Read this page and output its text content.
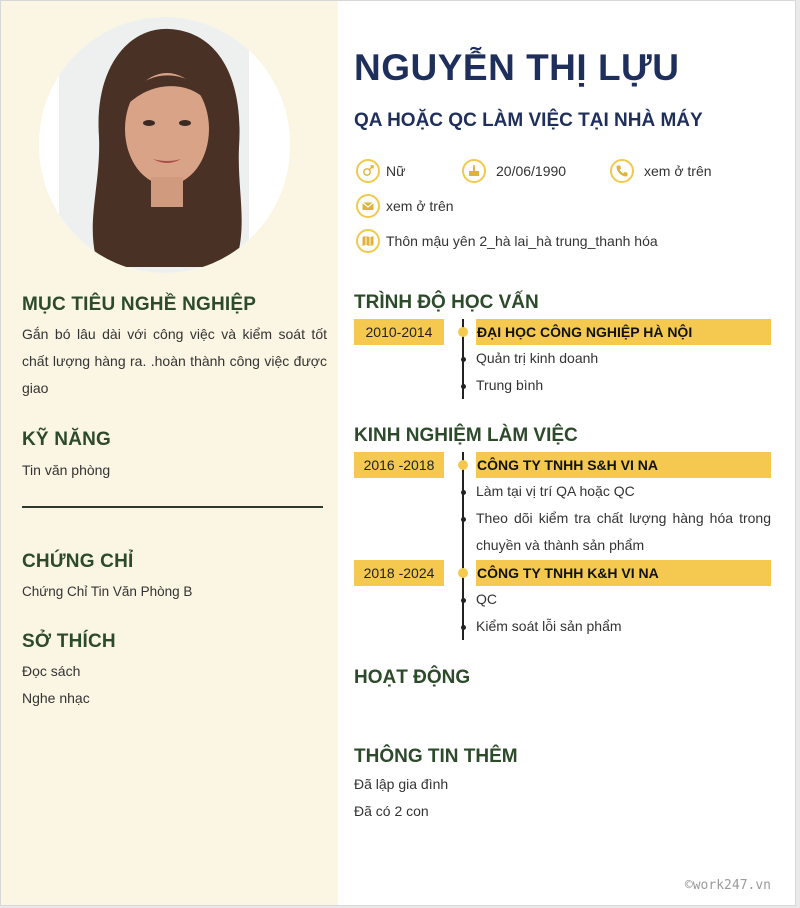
MỤC TIÊU NGHỀ NGHIỆP

Gắn bó lâu dài với công việc và kiểm soát tốt chất lượng hàng ra. .hoàn thành công việc được giao

KỸ NĂNG

Tin văn phòng

CHỨNG CHỈ

Chứng Chỉ Tin Văn Phòng B

SỞ THÍCH

Đọc sách

Nghe nhạc

NGUYỄN THỊ LỰU
QA HOẶC QC LÀM VIỆC TẠI NHÀ MÁY
Nữ	20/06/1990	xem ở trên
xem ở trên
Thôn mậu yên 2_hà lai_hà trung_thanh hóa
TRÌNH ĐỘ HỌC VẤN
2010-2014	ĐẠI HỌC CÔNG NGHIỆP HÀ NỘI

Quản trị kinh doanh

Trung bình

KINH NGHIỆM LÀM VIỆC
2016 -2018	CÔNG TY TNHH S&H VI NA

Làm tại vị trí QA hoặc QC

Theo dõi kiểm tra chất lượng hàng hóa trong chuyền và thành sản phẩm

2018 -2024	CÔNG TY TNHH K&H VI NA

QC

Kiểm soát lỗi sản phẩm

HOẠT ĐỘNG
THÔNG TIN THÊM

Đã lập gia đình

Đã có 2 con

©work247.vn
